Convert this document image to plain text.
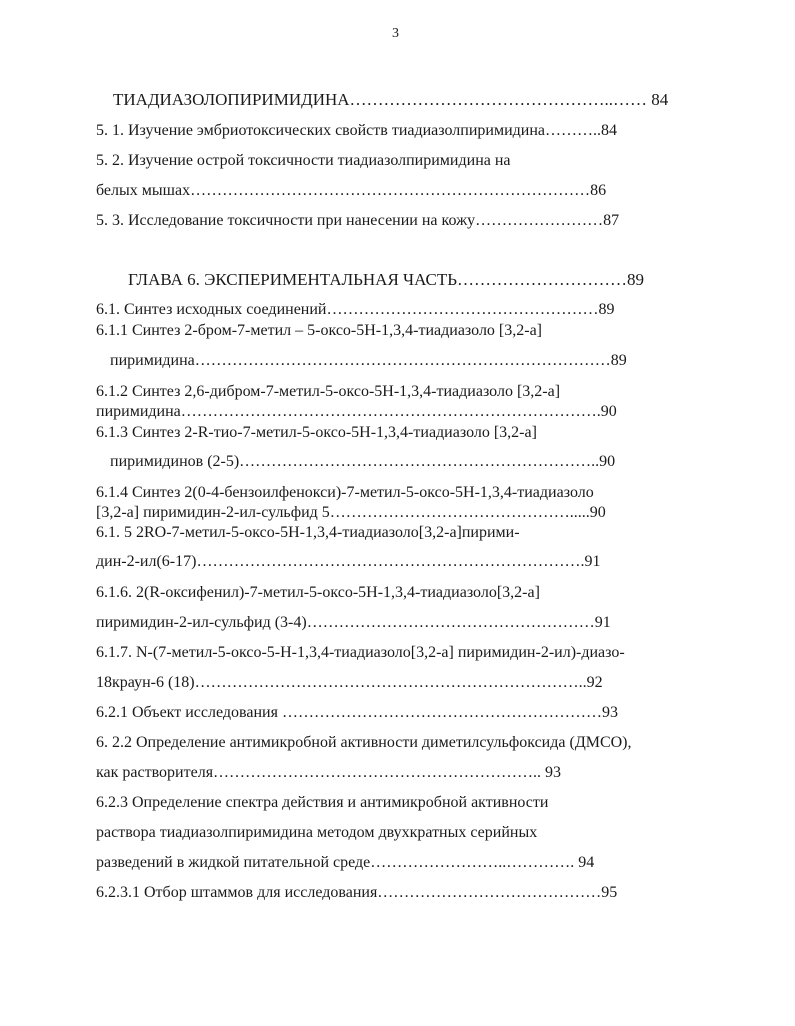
3
ТИАДИАЗОЛОПИРИМИДИНА………………………………………..…… 84
5. 1. Изучение эмбриотоксических свойств тиадиазолпиримидина………..84
5. 2. Изучение острой токсичности тиадиазолпиримидина на
белых мышах…………………………………………………………………86
5. 3. Исследование токсичности при нанесении на кожу……………………87
ГЛАВА 6. ЭКСПЕРИМЕНТАЛЬНАЯ ЧАСТЬ…………………………89
6.1. Синтез исходных соединений……………………………………………89
6.1.1 Синтез 2-бром-7-метил – 5-оксо-5Н-1,3,4-тиадиазоло [3,2-а]
пиримидина……………………………………………………………………89
6.1.2 Синтез 2,6-дибром-7-метил-5-оксо-5Н-1,3,4-тиадиазоло [3,2-а]
пиримидина…………………………………………………………………….90
6.1.3 Синтез 2-R-тио-7-метил-5-оксо-5Н-1,3,4-тиадиазоло [3,2-а]
пиримидинов (2-5)…………………………………………………………..90
6.1.4 Синтез 2(0-4-бензоилфенокси)-7-метил-5-оксо-5Н-1,3,4-тиадиазоло
[3,2-а] пиримидин-2-ил-сульфид 5……………………………………….....90
6.1. 5 2RO-7-метил-5-оксо-5Н-1,3,4-тиадиазоло[3,2-а]пирими-
дин-2-ил(6-17)……………………………………………………………….91
6.1.6. 2(R-оксифенил)-7-метил-5-оксо-5Н-1,3,4-тиадиазоло[3,2-а]
пиримидин-2-ил-сульфид (3-4)………………………………………………91
6.1.7. N-(7-метил-5-оксо-5-Н-1,3,4-тиадиазоло[3,2-а] пиримидин-2-ил)-диазо-
18краун-6 (18)………………………………………………………………..92
6.2.1 Объект исследования ……………………………………………………93
6. 2.2 Определение антимикробной активности диметилсульфоксида (ДМСО),
как растворителя…………………………………………………….. 93
6.2.3 Определение спектра действия и антимикробной активности
раствора тиадиазолпиримидина методом двухкратных серийных
разведений в жидкой питательной среде……………………..…………. 94
6.2.3.1 Отбор штаммов для исследования……………………………………95
